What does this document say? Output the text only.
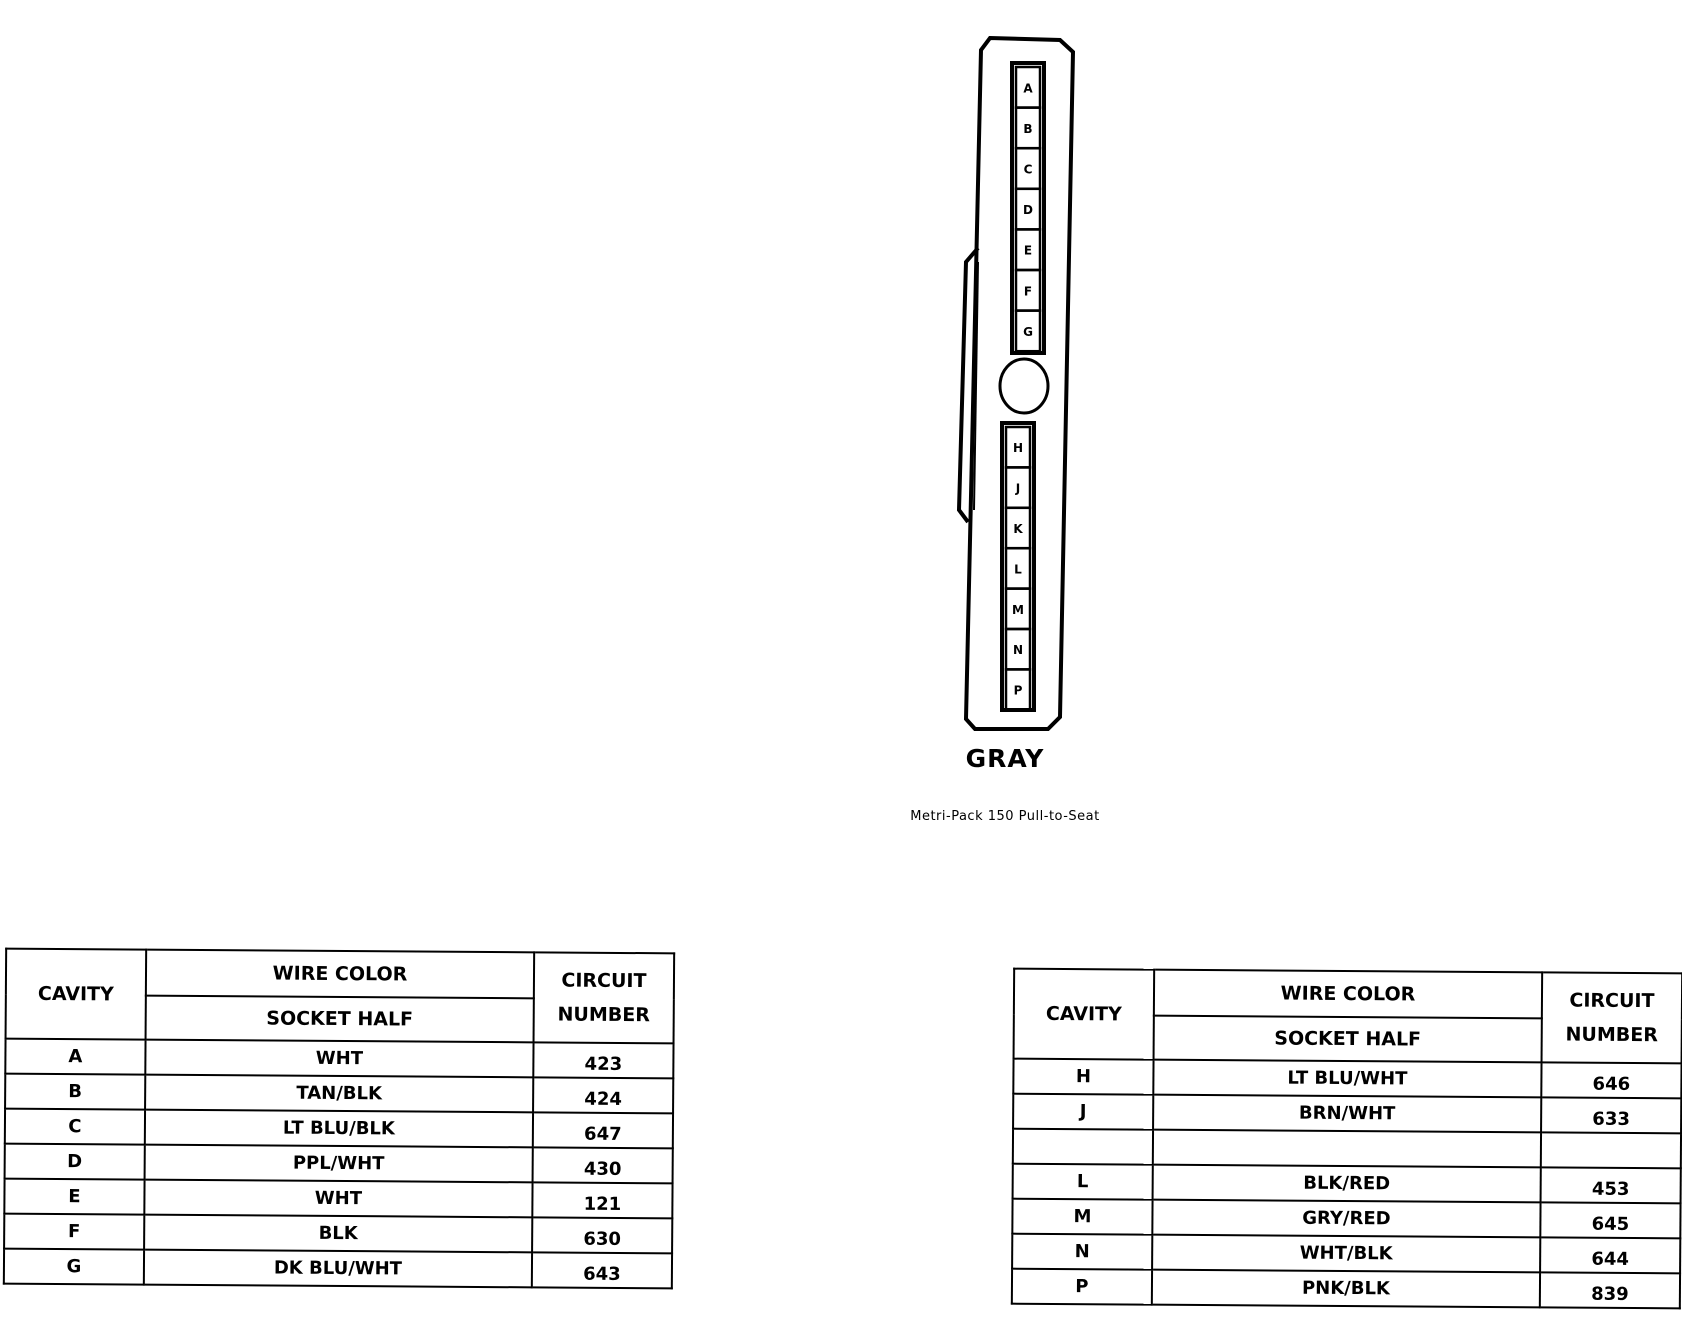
A
B
C
D
E
F
G
H
J
K
L
M
N
P
GRAY
Metri-Pack 150 Pull-to-Seat
CAVITY	WIRE COLOR	CIRCUIT NUMBER
	SOCKET HALF	
A	WHT	423
B	TAN/BLK	424
C	LT BLU/BLK	647
D	PPL/WHT	430
E	WHT	121
F	BLK	630
G	DK BLU/WHT	643
CAVITY	WIRE COLOR	CIRCUIT NUMBER
	SOCKET HALF	
H	LT BLU/WHT	646
J	BRN/WHT	633

L	BLK/RED	453
M	GRY/RED	645
N	WHT/BLK	644
P	PNK/BLK	839
